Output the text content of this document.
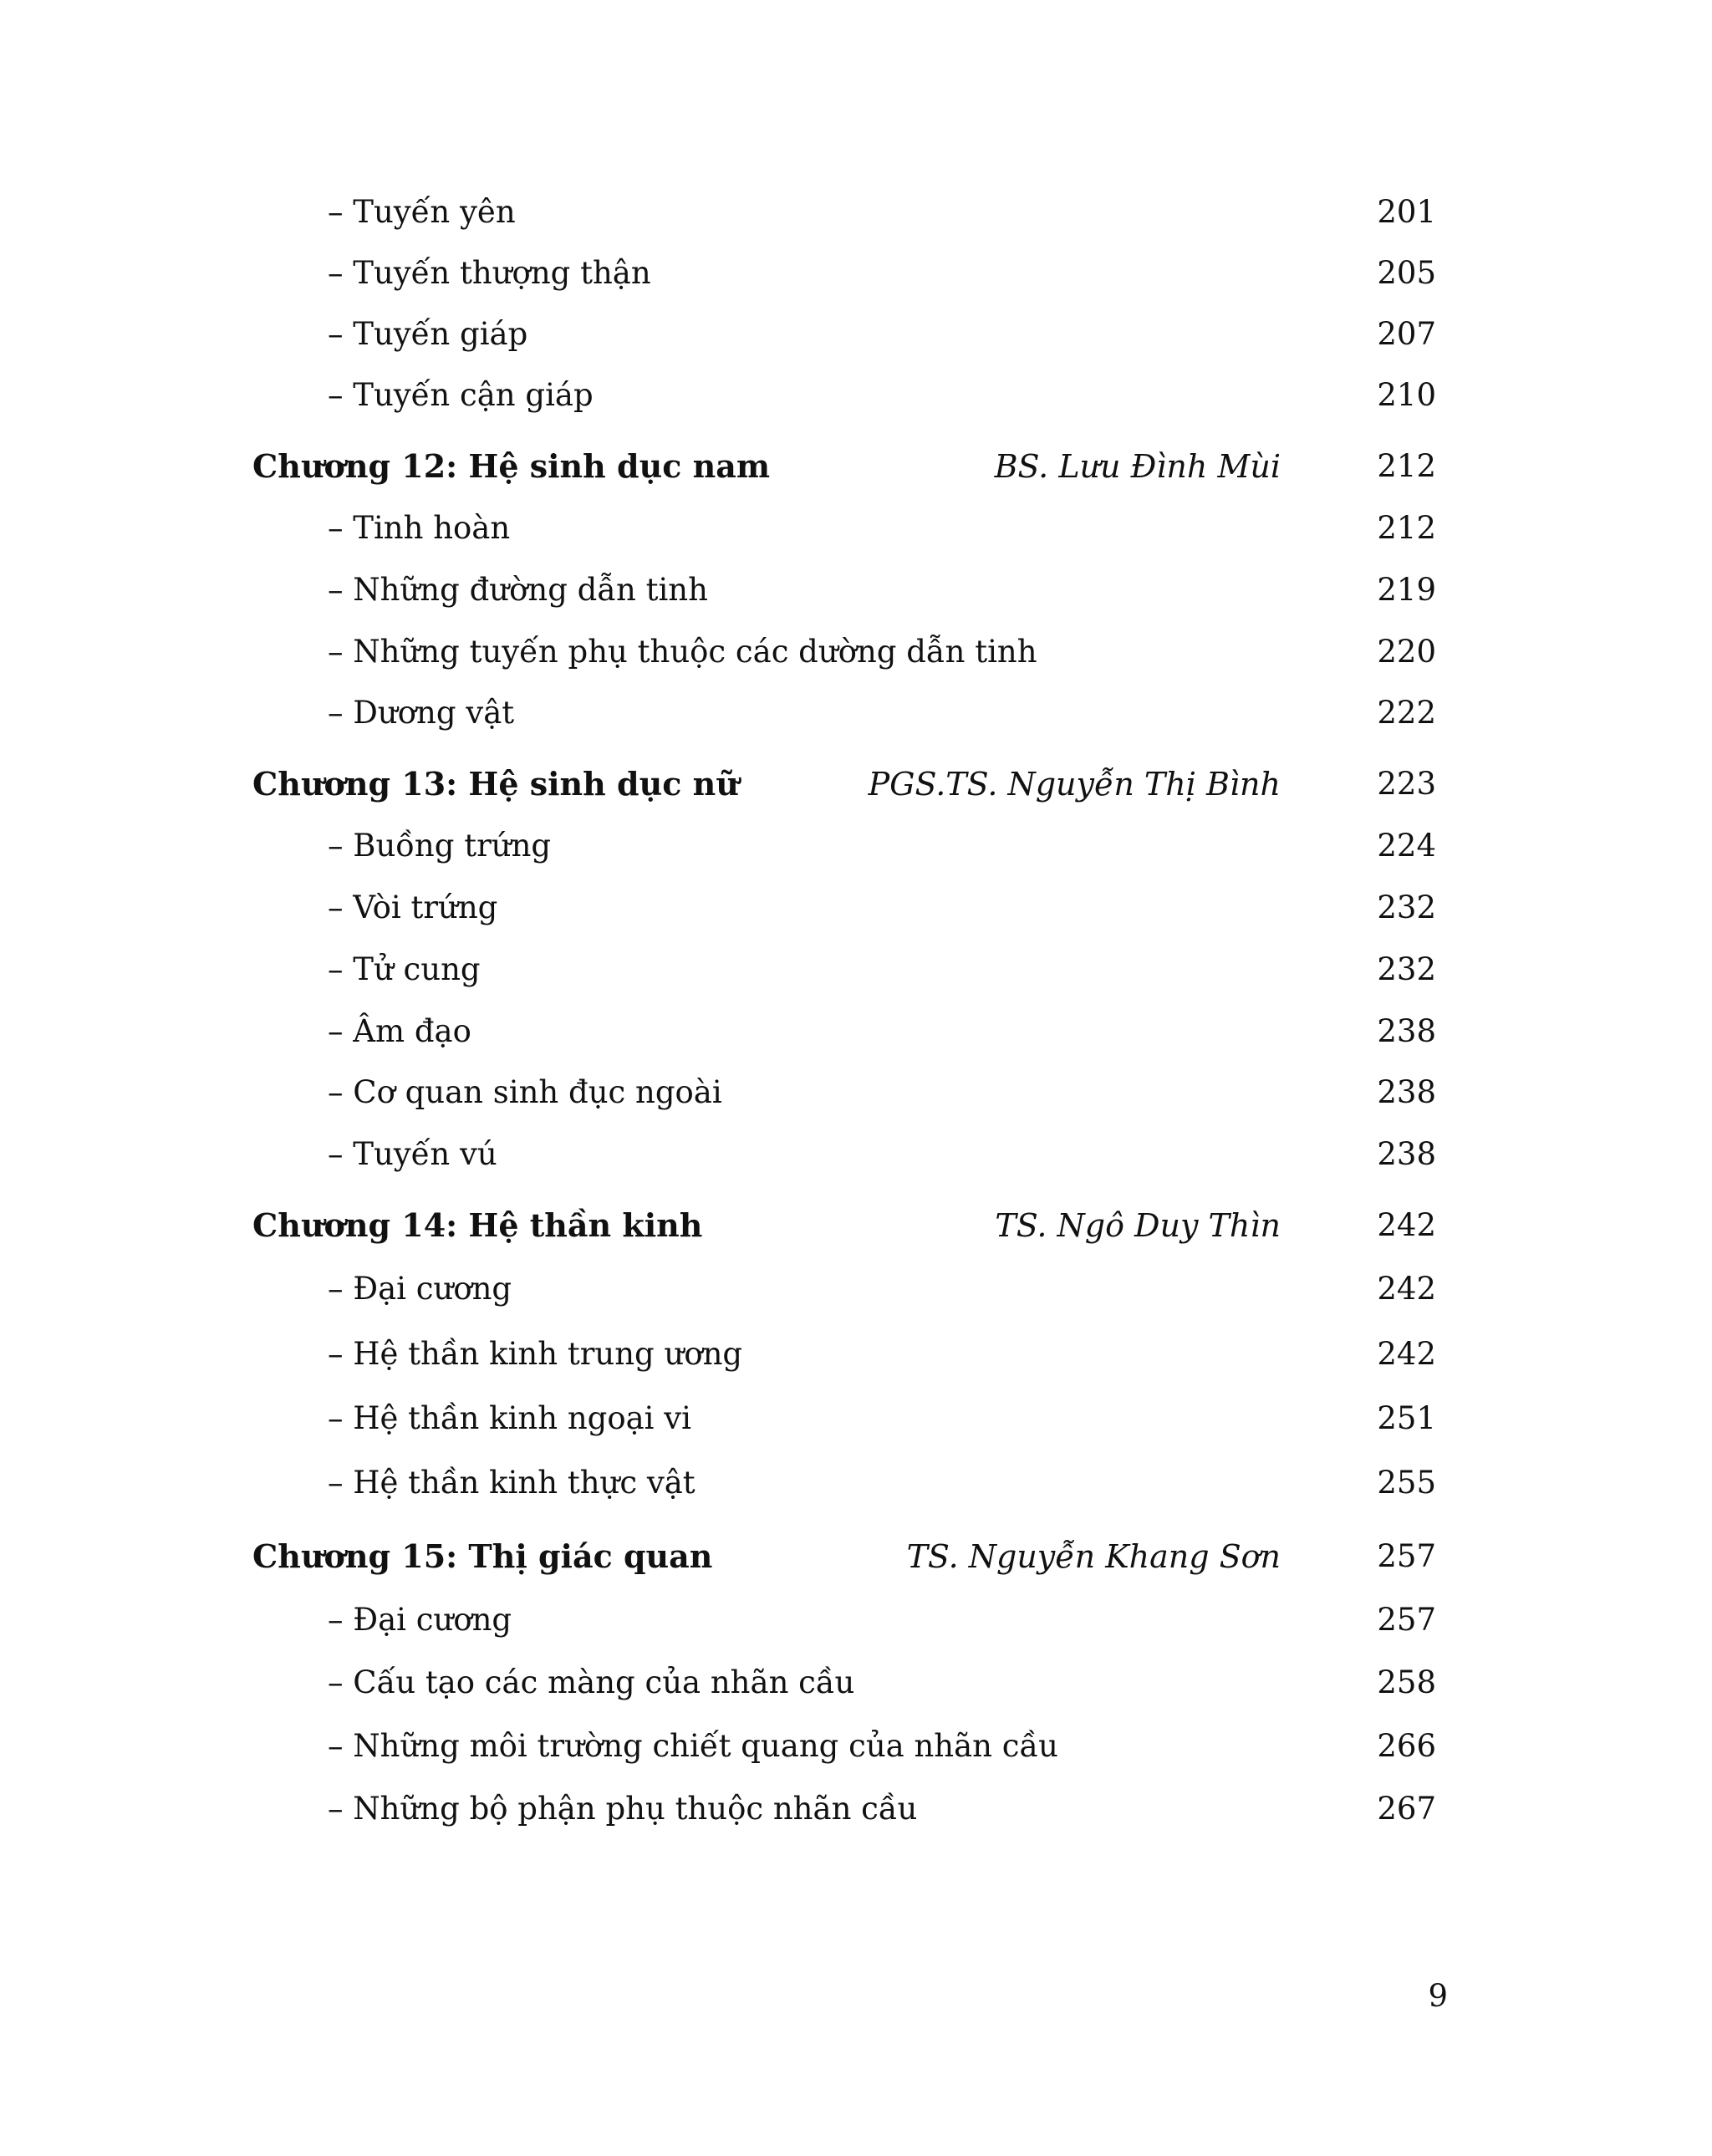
– Tuyến yên	201
– Tuyến thượng thận	205
– Tuyến giáp	207
– Tuyến cận giáp	210
Chương 12: Hệ sinh dục nam	BS. Lưu Đình Mùi	212
– Tinh hoàn	212
– Những đường dẫn tinh	219
– Những tuyến phụ thuộc các dường dẫn tinh	220
– Dương vật	222
Chương 13: Hệ sinh dục nữ	PGS.TS. Nguyễn Thị Bình	223
– Buồng trứng	224
– Vòi trứng	232
– Tử cung	232
– Âm đạo	238
– Cơ quan sinh đục ngoài	238
– Tuyến vú	238
Chương 14: Hệ thần kinh	TS. Ngô Duy Thìn	242
– Đại cương	242
– Hệ thần kinh trung ương	242
– Hệ thần kinh ngoại vi	251
– Hệ thần kinh thực vật	255
Chương 15: Thị giác quan	TS. Nguyễn Khang Sơn	257
– Đại cương	257
– Cấu tạo các màng của nhãn cầu	258
– Những môi trường chiết quang của nhãn cầu	266
– Những bộ phận phụ thuộc nhãn cầu	267
9
